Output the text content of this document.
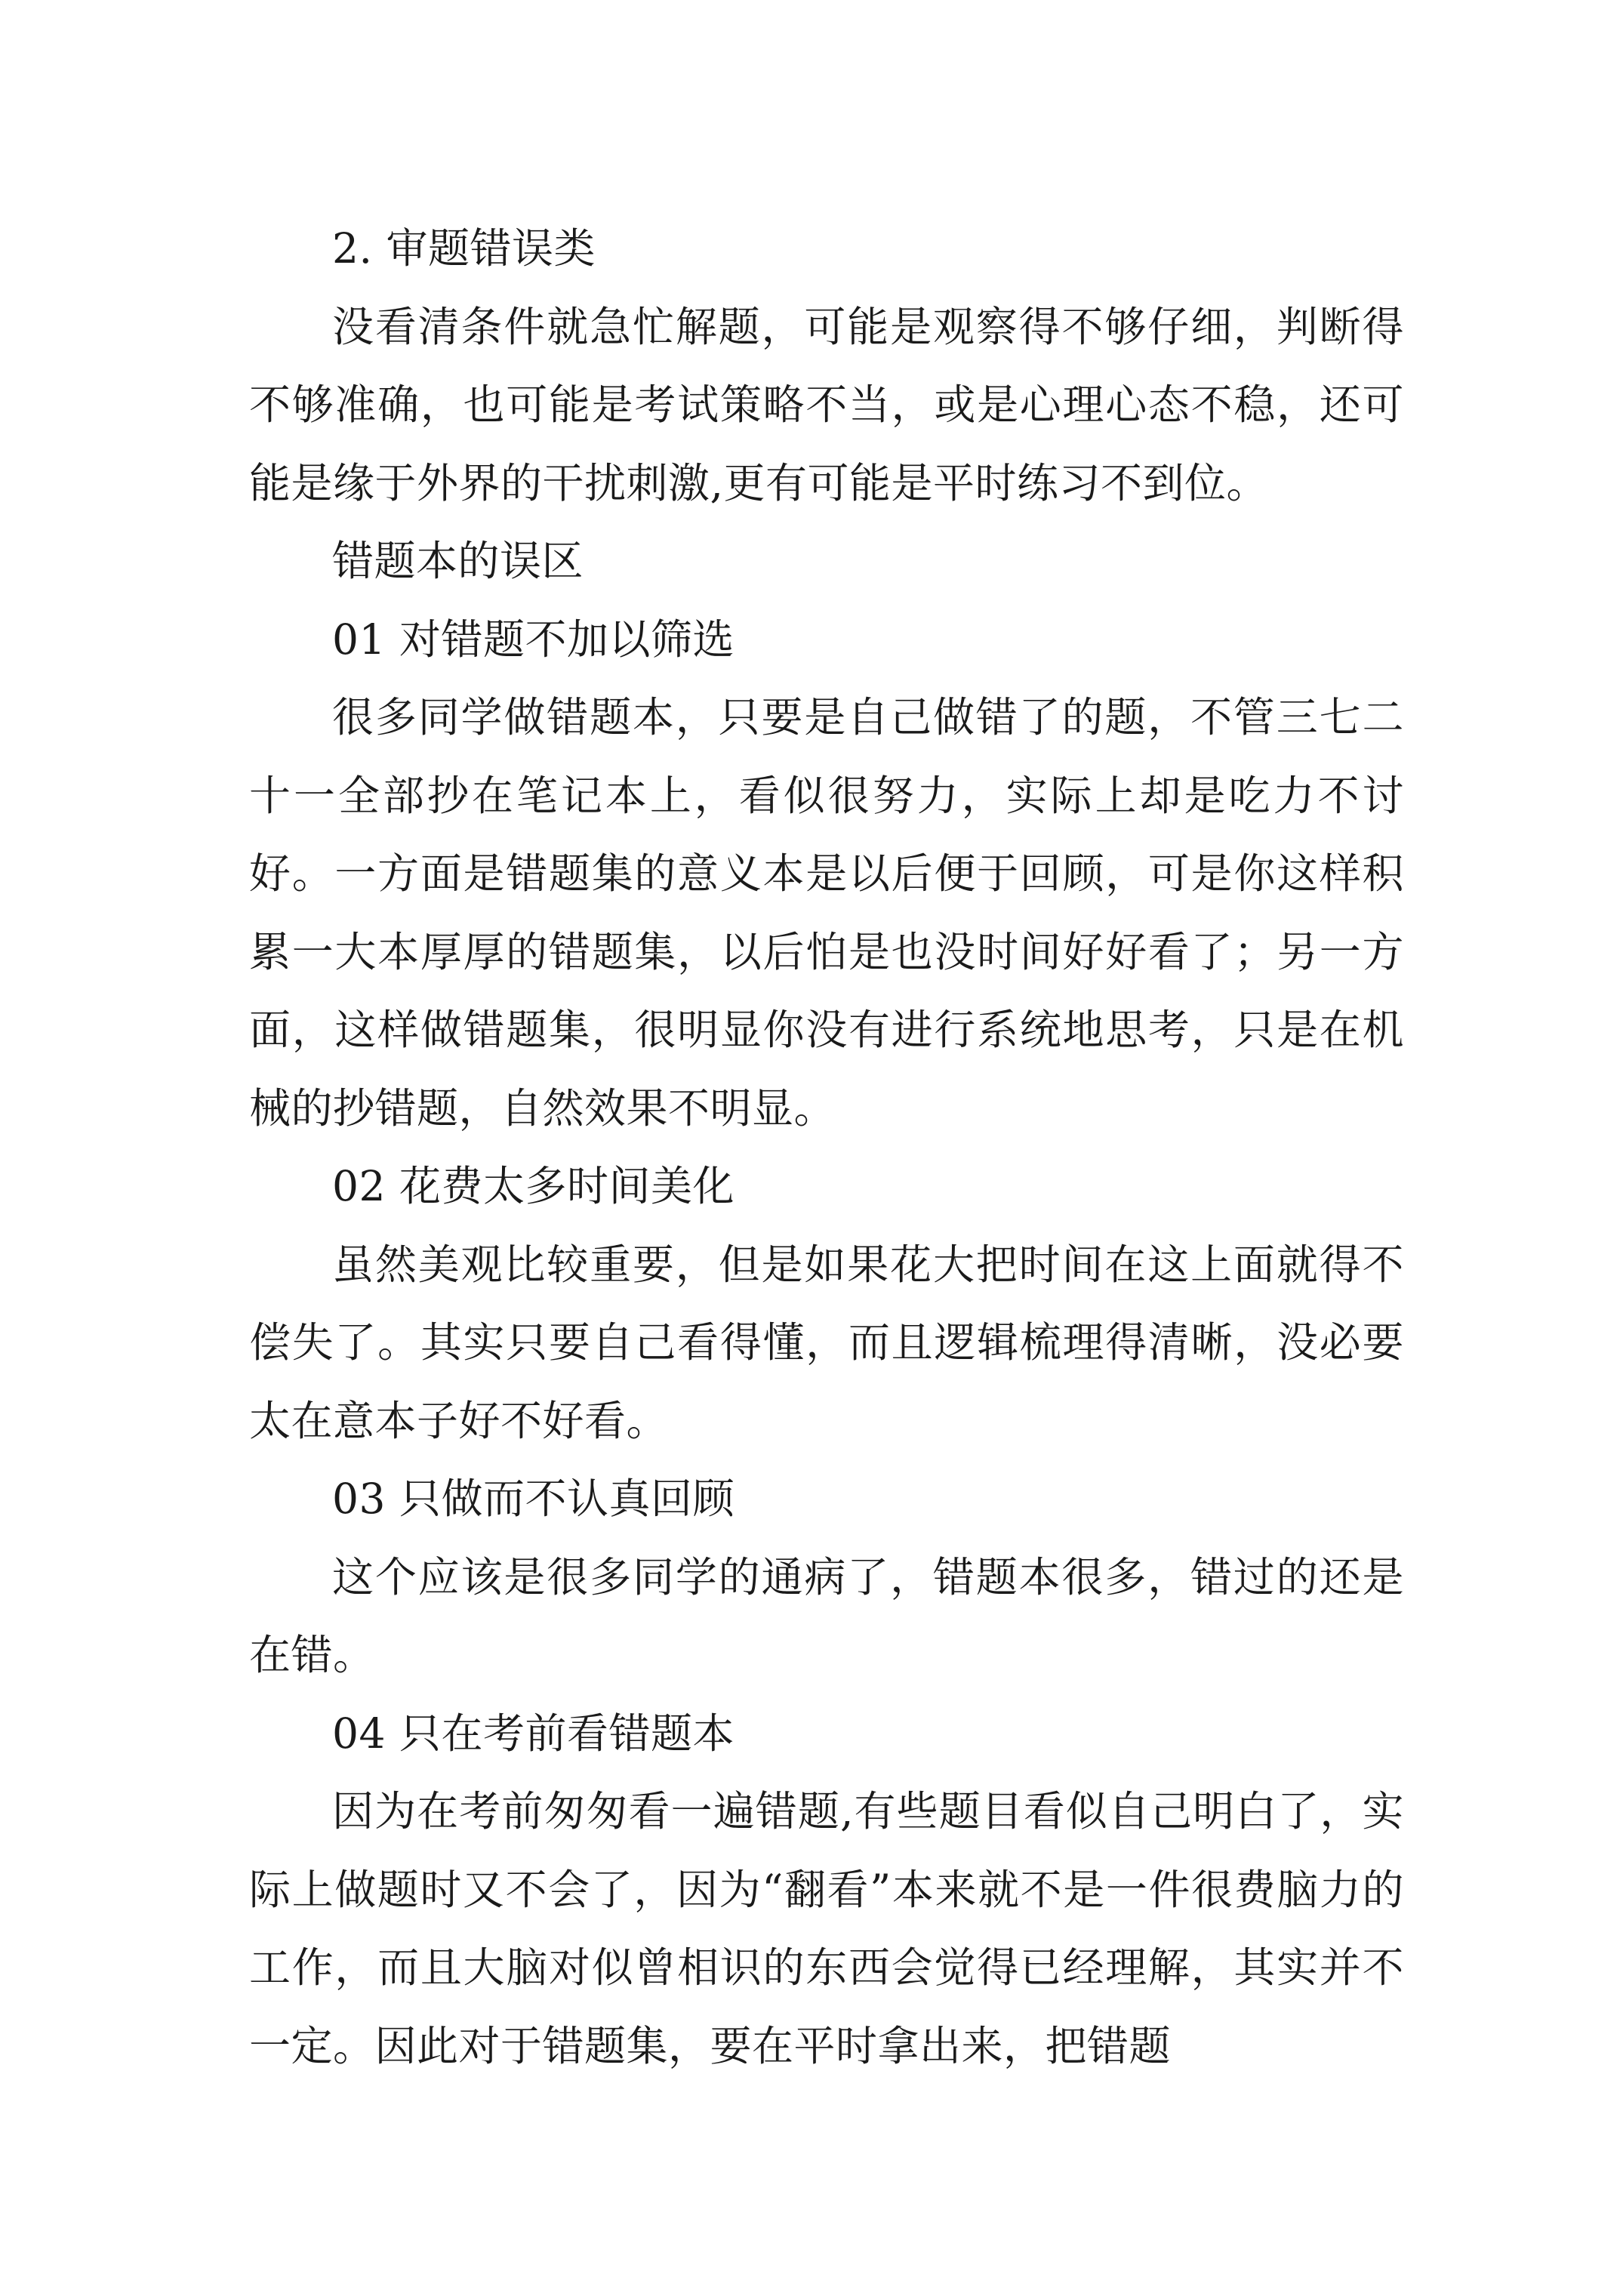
2. 审题错误类

没看清条件就急忙解题，可能是观察得不够仔细，判断得不够准确，也可能是考试策略不当，或是心理心态不稳，还可能是缘于外界的干扰刺激,更有可能是平时练习不到位。

错题本的误区

01 对错题不加以筛选

很多同学做错题本，只要是自己做错了的题，不管三七二十一全部抄在笔记本上，看似很努力，实际上却是吃力不讨好。一方面是错题集的意义本是以后便于回顾，可是你这样积累一大本厚厚的错题集，以后怕是也没时间好好看了；另一方面，这样做错题集，很明显你没有进行系统地思考，只是在机械的抄错题，自然效果不明显。

02 花费太多时间美化

虽然美观比较重要，但是如果花大把时间在这上面就得不偿失了。其实只要自己看得懂，而且逻辑梳理得清晰，没必要太在意本子好不好看。

03 只做而不认真回顾

这个应该是很多同学的通病了，错题本很多，错过的还是在错。

04 只在考前看错题本

因为在考前匆匆看一遍错题,有些题目看似自己明白了，实际上做题时又不会了，因为“翻看”本来就不是一件很费脑力的工作，而且大脑对似曾相识的东西会觉得已经理解，其实并不一定。因此对于错题集，要在平时拿出来，把错题
